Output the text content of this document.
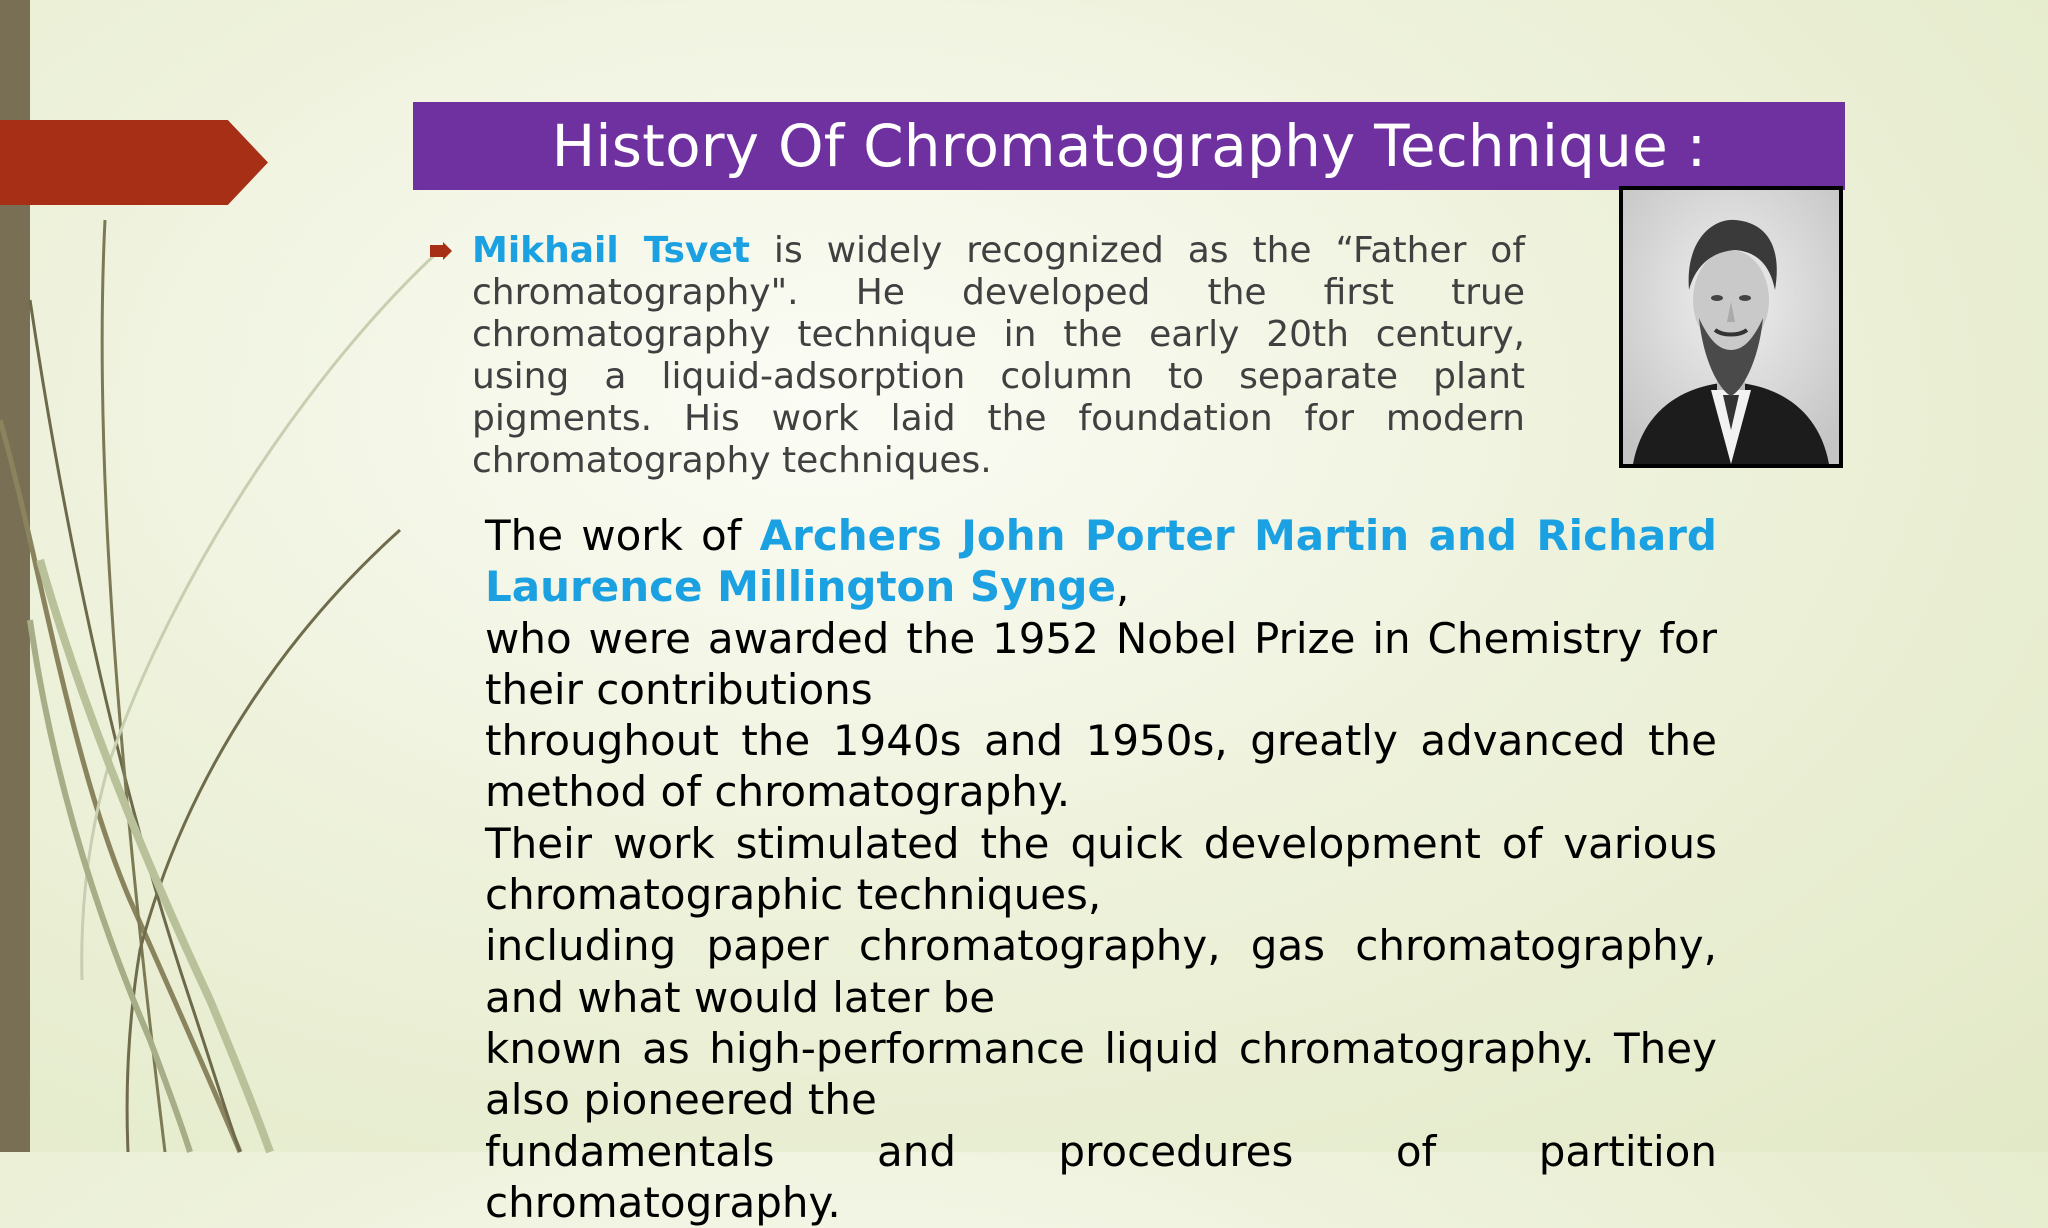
History Of Chromatography Technique :
Mikhail Tsvet is widely recognized as the “Father of chromatography". He developed the first true chromatography technique in the early 20th century, using a liquid-adsorption column to separate plant pigments. His work laid the foundation for modern chromatography techniques.

The work of Archers John Porter Martin and Richard Laurence Millington Synge,

who were awarded the 1952 Nobel Prize in Chemistry for their contributions

throughout the 1940s and 1950s, greatly advanced the method of chromatography.

Their work stimulated the quick development of various chromatographic techniques,

including paper chromatography, gas chromatography, and what would later be

known as high-performance liquid chromatography. They also pioneered the

fundamentals and procedures of partition chromatography.
